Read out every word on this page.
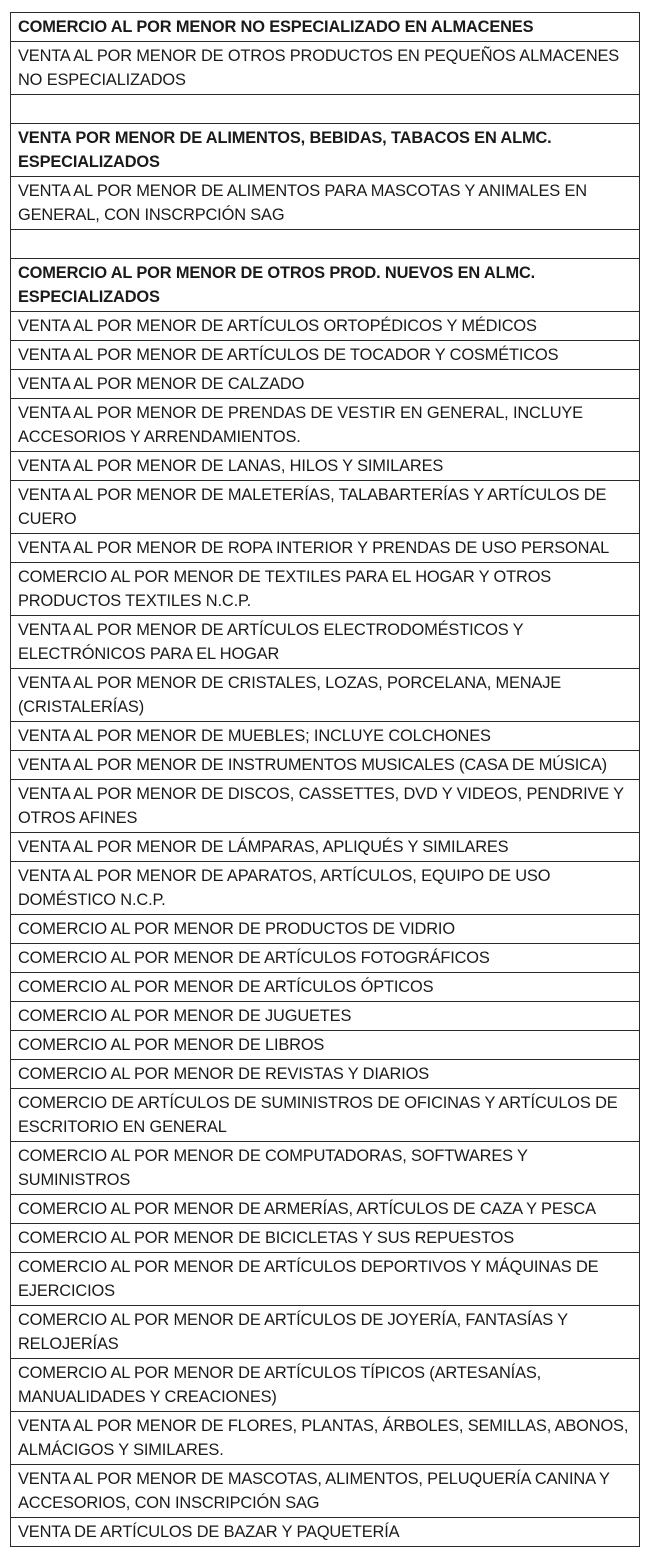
COMERCIO AL POR MENOR NO ESPECIALIZADO EN ALMACENES
VENTA AL POR MENOR DE OTROS PRODUCTOS EN PEQUEÑOS ALMACENES NO ESPECIALIZADOS

VENTA POR MENOR DE ALIMENTOS, BEBIDAS, TABACOS EN ALMC. ESPECIALIZADOS
VENTA AL POR MENOR DE ALIMENTOS PARA MASCOTAS Y ANIMALES EN GENERAL, CON INSCRPCIÓN SAG

COMERCIO AL POR MENOR DE OTROS PROD. NUEVOS EN ALMC. ESPECIALIZADOS
VENTA AL POR MENOR DE ARTÍCULOS ORTOPÉDICOS Y MÉDICOS
VENTA AL POR MENOR DE ARTÍCULOS DE TOCADOR Y COSMÉTICOS
VENTA AL POR MENOR DE CALZADO
VENTA AL POR MENOR DE PRENDAS DE VESTIR EN GENERAL, INCLUYE ACCESORIOS Y ARRENDAMIENTOS.
VENTA AL POR MENOR DE LANAS, HILOS Y SIMILARES
VENTA AL POR MENOR DE MALETERÍAS, TALABARTERÍAS Y ARTÍCULOS DE CUERO
VENTA AL POR MENOR DE ROPA INTERIOR Y PRENDAS DE USO PERSONAL
COMERCIO AL POR MENOR DE TEXTILES PARA EL HOGAR Y OTROS PRODUCTOS TEXTILES N.C.P.
VENTA AL POR MENOR DE ARTÍCULOS ELECTRODOMÉSTICOS Y ELECTRÓNICOS PARA EL HOGAR
VENTA AL POR MENOR DE CRISTALES, LOZAS, PORCELANA, MENAJE (CRISTALERÍAS)
VENTA AL POR MENOR DE MUEBLES; INCLUYE COLCHONES
VENTA AL POR MENOR DE INSTRUMENTOS MUSICALES (CASA DE MÚSICA)
VENTA AL POR MENOR DE DISCOS, CASSETTES, DVD Y VIDEOS, PENDRIVE Y OTROS AFINES
VENTA AL POR MENOR DE LÁMPARAS, APLIQUÉS Y SIMILARES
VENTA AL POR MENOR DE APARATOS, ARTÍCULOS, EQUIPO DE USO DOMÉSTICO N.C.P.
COMERCIO AL POR MENOR DE PRODUCTOS DE VIDRIO
COMERCIO AL POR MENOR DE ARTÍCULOS FOTOGRÁFICOS
COMERCIO AL POR MENOR DE ARTÍCULOS ÓPTICOS
COMERCIO AL POR MENOR DE JUGUETES
COMERCIO AL POR MENOR DE LIBROS
COMERCIO AL POR MENOR DE REVISTAS Y DIARIOS
COMERCIO DE ARTÍCULOS DE SUMINISTROS DE OFICINAS Y ARTÍCULOS DE ESCRITORIO EN GENERAL
COMERCIO AL POR MENOR DE COMPUTADORAS, SOFTWARES Y SUMINISTROS
COMERCIO AL POR MENOR DE ARMERÍAS, ARTÍCULOS DE CAZA Y PESCA
COMERCIO AL POR MENOR DE BICICLETAS Y SUS REPUESTOS
COMERCIO AL POR MENOR DE ARTÍCULOS DEPORTIVOS Y MÁQUINAS DE EJERCICIOS
COMERCIO AL POR MENOR DE ARTÍCULOS DE JOYERÍA, FANTASÍAS Y RELOJERÍAS
COMERCIO AL POR MENOR DE ARTÍCULOS TÍPICOS (ARTESANÍAS, MANUALIDADES Y CREACIONES)
VENTA AL POR MENOR DE FLORES, PLANTAS, ÁRBOLES, SEMILLAS, ABONOS, ALMÁCIGOS Y SIMILARES.
VENTA AL POR MENOR DE MASCOTAS, ALIMENTOS, PELUQUERÍA CANINA Y ACCESORIOS, CON INSCRIPCIÓN SAG
VENTA DE ARTÍCULOS DE BAZAR Y PAQUETERÍA
